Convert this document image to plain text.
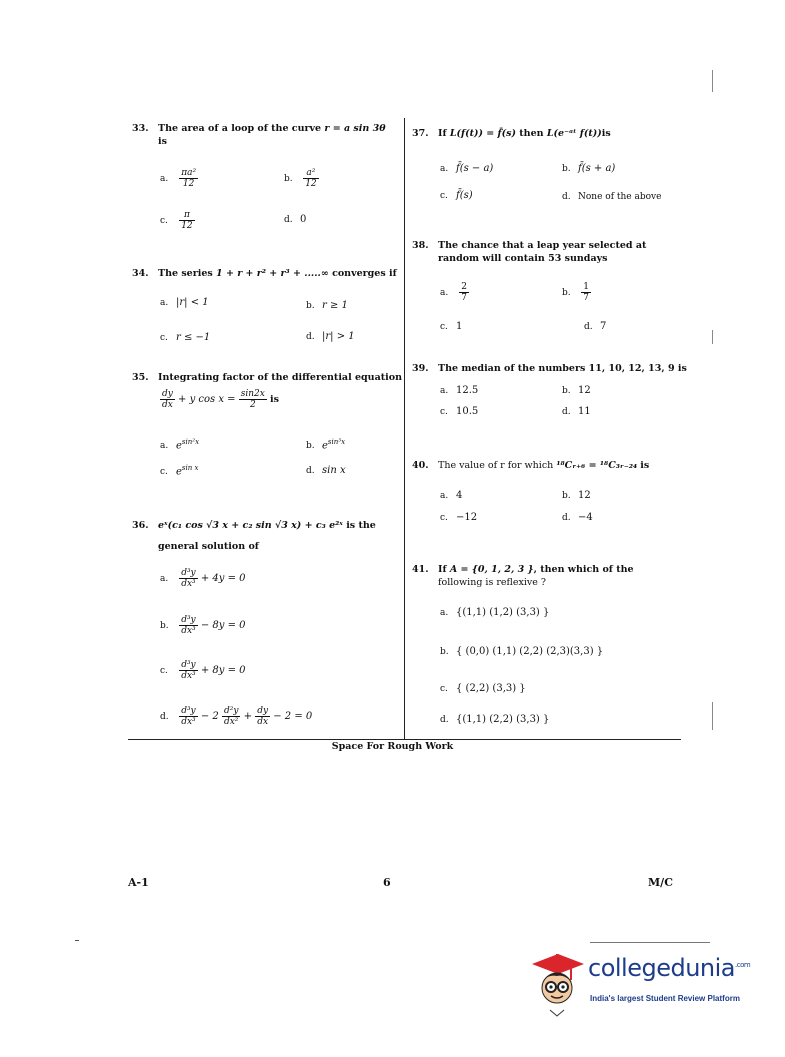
33. The area of a loop of the curve r = a sin 3θ
is
a. $\frac{\text{πa²}}{12}$	b. $\frac{\text{a²}}{12}$
c. $\frac{\pi}{12}$	d. 0
34. The series 1 + r + r² + r³ + .....∞ converges if
a. |r| < 1	b. r ≥ 1
c. r ≤ −1	d. |r| > 1
35. Integrating factor of the differential equation
$\frac{dy}{dx} + y$ $\cos x = \frac{\sin 2x}{2}$ is
a. $e^{sin^2x}$	b. $e^{sin^3x}$
c. $e^{sin x}$	d. sin x
36. eˣ(c₁ cos √3 x + c₂ sin √3 x) + c₃ e²ˣ is the
general solution of
a. $\frac{\text{d³y}}{\text{dx³}} + 4y = 0$
b. $\frac{\text{d³y}}{\text{dx³}} - 8y = 0$
c. $\frac{\text{d³y}}{\text{dx³}} + 8y = 0$
d. $\frac{\text{d³y}}{\text{dx³}} - 2 \frac{\text{d²y}}{\text{dx²}} + \frac{dy}{dx} - 2 = 0$
37. If L(f(t)) = f̄(s) then L(e⁻ᵃᵗ f(t))is
a. f̄(s − a)	b. f̄(s + a)
c. f̄(s)	d. None of the above
38. The chance that a leap year selected at
random will contain 53 sundays
a. $\frac{2}{7}$	b. $\frac{1}{7}$
c. 1	d. 7
39. The median of the numbers 11, 10, 12, 13, 9 is
a. 12.5	b. 12
c. 10.5	d. 11
40. The value of r for which ¹⁸Cᵣ₊₆ = ¹⁸C₃ᵣ₋₂₄ is
a. 4	b. 12
c. −12	d. −4
41. If A = {0, 1, 2, 3 }, then which of the
following is reflexive ?
a. {(1,1) (1,2) (3,3) }
b. { (0,0) (1,1) (2,2) (2,3)(3,3) }
c. { (2,2) (3,3) }
d. {(1,1) (2,2) (3,3) }
Space For Rough Work
A-1	6	M/C
collegedunia$^{.com}$
India's largest Student Review Platform
